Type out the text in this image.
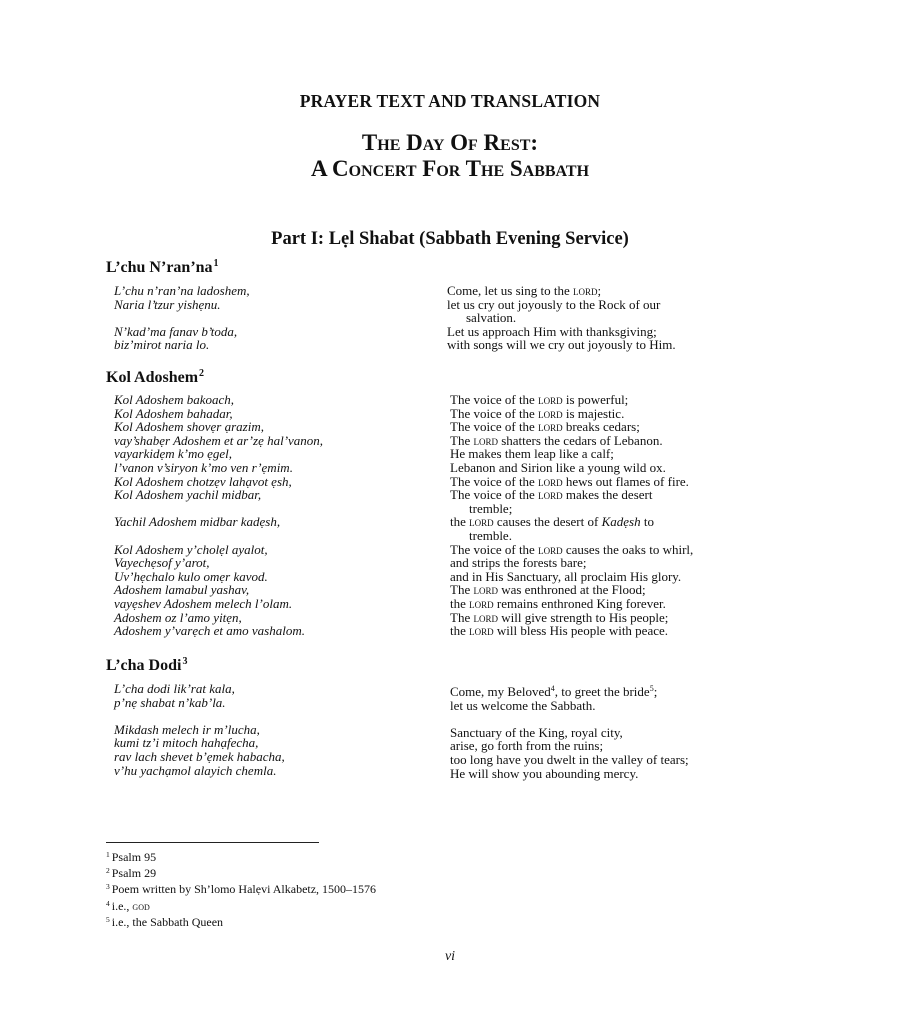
PRAYER TEXT AND TRANSLATION
The Day Of Rest:
A Concert For The Sabbath
Part I: Lẹl Shabat (Sabbath Evening Service)
L’chu $N’ran’na^1$
L’chu n’ran’na ladoshem,
Naria l’tzur yishẹnu.
N’kad’ma fanav b’toda,
biz’mirot naria lo.
Come, let us sing to the lord;
let us cry out joyously to the Rock of our
salvation.
Let us approach Him with thanksgiving;
with songs will we cry out joyously to Him.
Kol Adoshem$^2$
Kol Adoshem bakoach,
Kol Adoshem bahadar,
Kol Adoshem shovẹr ạrazim,
vay’shabẹr Adoshem et ar’zẹ hal’vanon,
vayarkidẹm k’mo ẹgel,
l’vanon v’siryon k’mo ven r’ẹmim.
Kol Adoshem chotzẹv lahạvot ẹsh,
Kol Adoshem yachil midbar,
Yachil Adoshem midbar kadẹsh,
Kol Adoshem y’cholẹl ayalot,
Vayechẹsof y’arot,
Uv’hẹchalo kulo omẹr kavod.
Adoshem lamabul yashav,
vayẹshev Adoshem melech l’olam.
Adoshem oz l’amo yitẹn,
Adoshem y’varẹch et amo vashalom.
The voice of the lord is powerful;
The voice of the lord is majestic.
The voice of the lord breaks cedars;
The lord shatters the cedars of Lebanon.
He makes them leap like a calf;
Lebanon and Sirion like a young wild ox.
The voice of the lord hews out flames of fire.
The voice of the lord makes the desert
tremble;
the lord causes the desert of Kadẹsh to
tremble.
The voice of the lord causes the oaks to whirl,
and strips the forests bare;
and in His Sanctuary, all proclaim His glory.
The lord was enthroned at the Flood;
the lord remains enthroned King forever.
The lord will give strength to His people;
the lord will bless His people with peace.
L’cha Dodi$^3$
L’cha dodi lik’rat kala,
p’nẹ shabat n’kab’la.
Mikdash melech ir m’lucha,
kumi tz’i mitoch hahạfecha,
rav lach shevet b’ẹmek habacha,
v’hu yachạmol alayich chemla.
Come, my Beloved$^4$, to greet the bride$^5$;
let us welcome the Sabbath.
Sanctuary of the King, royal city,
arise, go forth from the ruins;
too long have you dwelt in the valley of tears;
He will show you abounding mercy.
$^1$ Psalm 95
$^2$ Psalm 29
$^3$ Poem written by Sh’lomo Halẹvi Alkabetz, 1500–1576
$^4$ i.e., god
$^5$ i.e., the Sabbath Queen
vi
